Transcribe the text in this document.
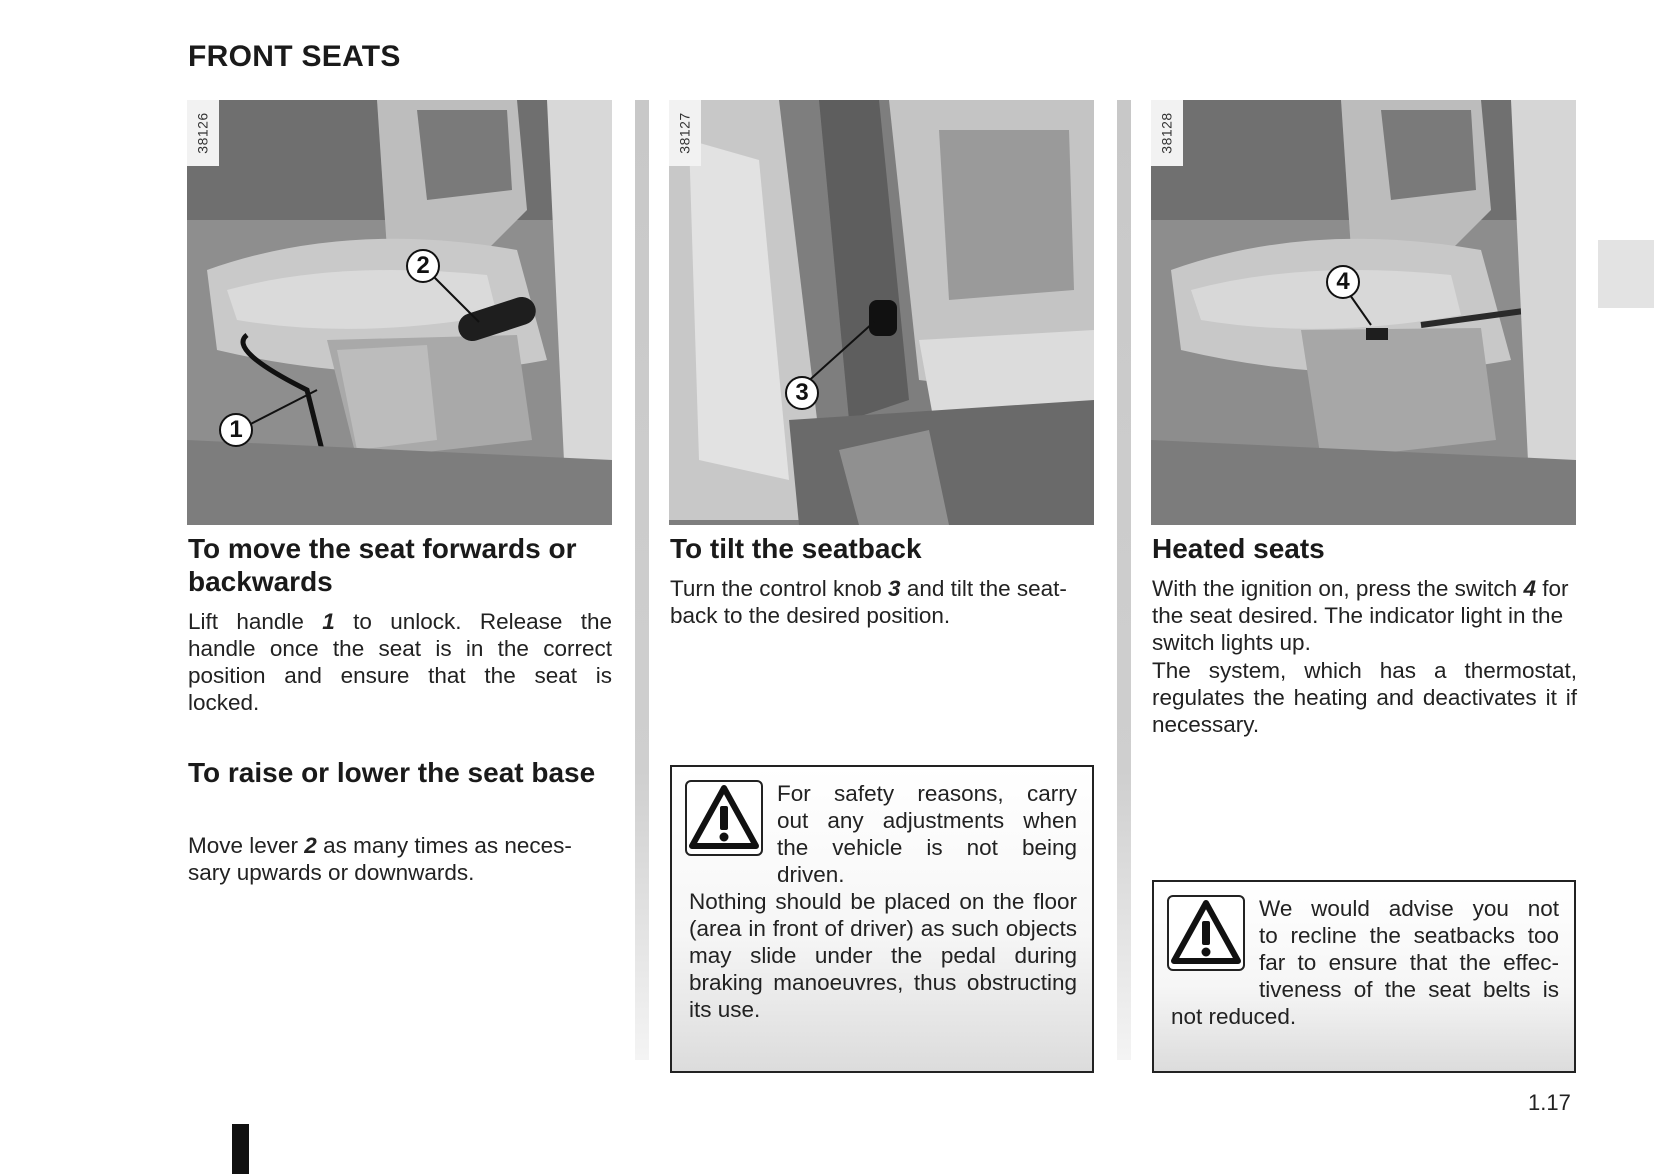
FRONT SEATS
38126
1
2
38127
3
38128
4
To move the seat forwards or backwards
Lift handle 1 to unlock. Release the handle once the seat is in the correct position and ensure that the seat is locked.
To raise or lower the seat base
Move lever 2 as many times as neces-sary upwards or downwards.
To tilt the seatback
Turn the control knob 3 and tilt the seat-back to the desired position.
For safety reasons, carry
out any adjustments when
the vehicle is not being
driven.
Nothing should be placed on the floor (area in front of driver) as such objects may slide under the pedal during braking manoeuvres, thus obstructing its use.
Heated seats
With the ignition on, press the switch 4 for the seat desired. The indicator light in the switch lights up.
The system, which has a thermostat, regulates the heating and deactivates it if necessary.
We would advise you not
to recline the seatbacks too
far to ensure that the effec-
tiveness of the seat belts is
not reduced.
1.17
